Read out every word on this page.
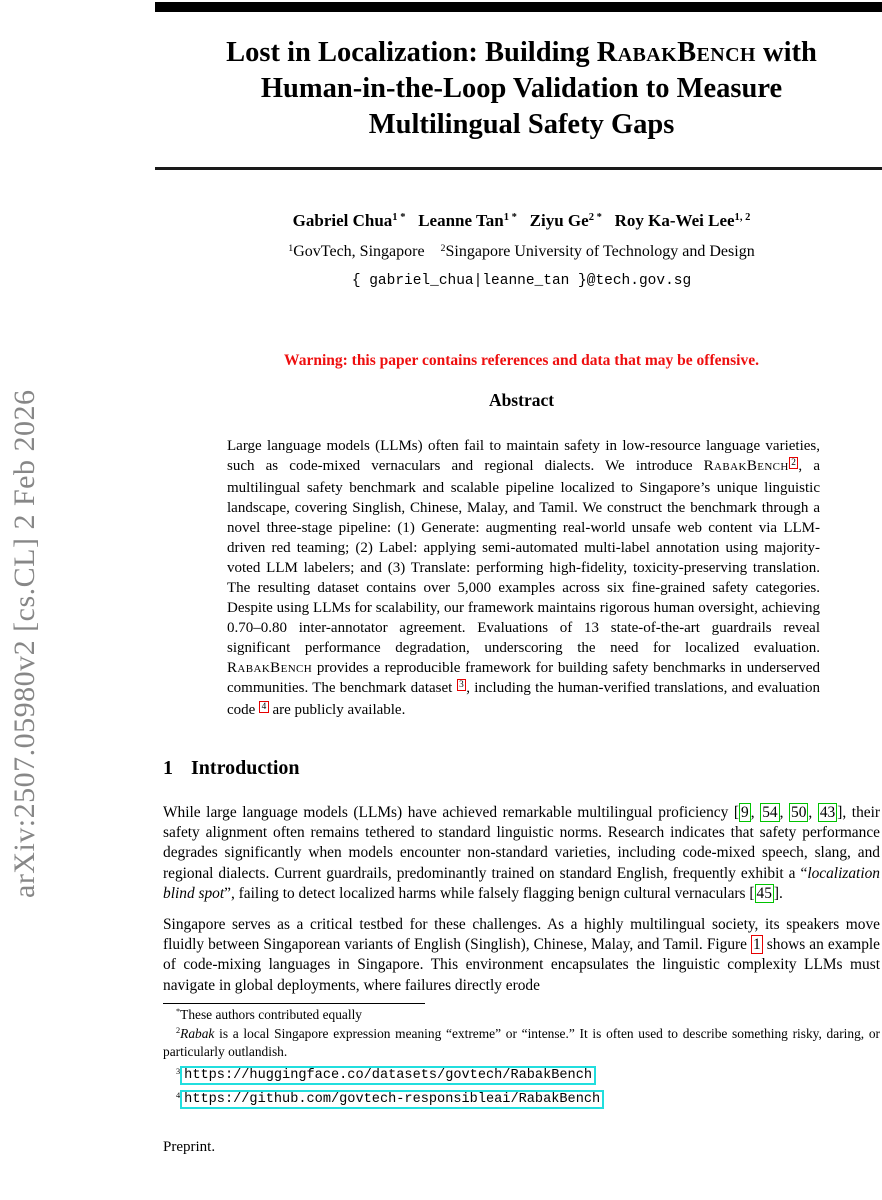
arXiv:2507.05980v2 [cs.CL] 2 Feb 2026
Lost in Localization: Building RabakBench with
Human-in-the-Loop Validation to Measure
Multilingual Safety Gaps
Gabriel Chua$^{1 *}$   Leanne Tan$^{1 *}$   Ziyu $Ge^{2 *}$   Roy Ka-Wei Lee$^{1, 2}$
$^1$GovTech, Singapore    $^2$Singapore University of Technology and Design
{ gabriel_chua|leanne_tan }@tech.gov.sg
Warning: this paper contains references and data that may be offensive.
Abstract
Large language models (LLMs) often fail to maintain safety in low-resource language varieties, such as code-mixed vernaculars and regional dialects. We introduce RabakBench $^2$ , a multilingual safety benchmark and scalable pipeline localized to Singapore’s unique linguistic landscape, covering Singlish, Chinese, Malay, and Tamil. We construct the benchmark through a novel three-stage pipeline: (1) Generate: augmenting real-world unsafe web content via LLM-driven red teaming; (2) Label: applying semi-automated multi-label annotation using majority-voted LLM labelers; and (3) Translate: performing high-fidelity, toxicity-preserving translation. The resulting dataset contains over 5,000 examples across six fine-grained safety categories. Despite using LLMs for scalability, our framework maintains rigorous human oversight, achieving 0.70–0.80 inter-annotator agreement. Evaluations of 13 state-of-the-art guardrails reveal significant performance degradation, underscoring the need for localized evaluation. RabakBench provides a reproducible framework for building safety benchmarks in underserved communities. The benchmark dataset $^3$ , including the human-verified translations, and evaluation code $^4$ are publicly available.
1 Introduction

While large language models (LLMs) have achieved remarkable multilingual proficiency [ 9 , 54 , 50 , 43 ], their safety alignment often remains tethered to standard linguistic norms. Research indicates that safety performance degrades significantly when models encounter non-standard varieties, including code-mixed speech, slang, and regional dialects. Current guardrails, predominantly trained on standard English, frequently exhibit a “localization blind spot”, failing to detect localized harms while falsely flagging benign cultural vernaculars [ 45 ].

Singapore serves as a critical testbed for these challenges. As a highly multilingual society, its speakers move fluidly between Singaporean variants of English (Singlish), Chinese, Malay, and Tamil. Figure 1 shows an example of code-mixing languages in Singapore. This environment encapsulates the linguistic complexity LLMs must navigate in global deployments, where failures directly erode

*These authors contributed equally
$^2$Rabak is a local Singapore expression meaning “extreme” or “intense.” It is often used to describe something risky, daring, or particularly outlandish.
$^3$ https://huggingface.co/datasets/govtech/RabakBench
$^4$ https://github.com/govtech-responsibleai/RabakBench
Preprint.
